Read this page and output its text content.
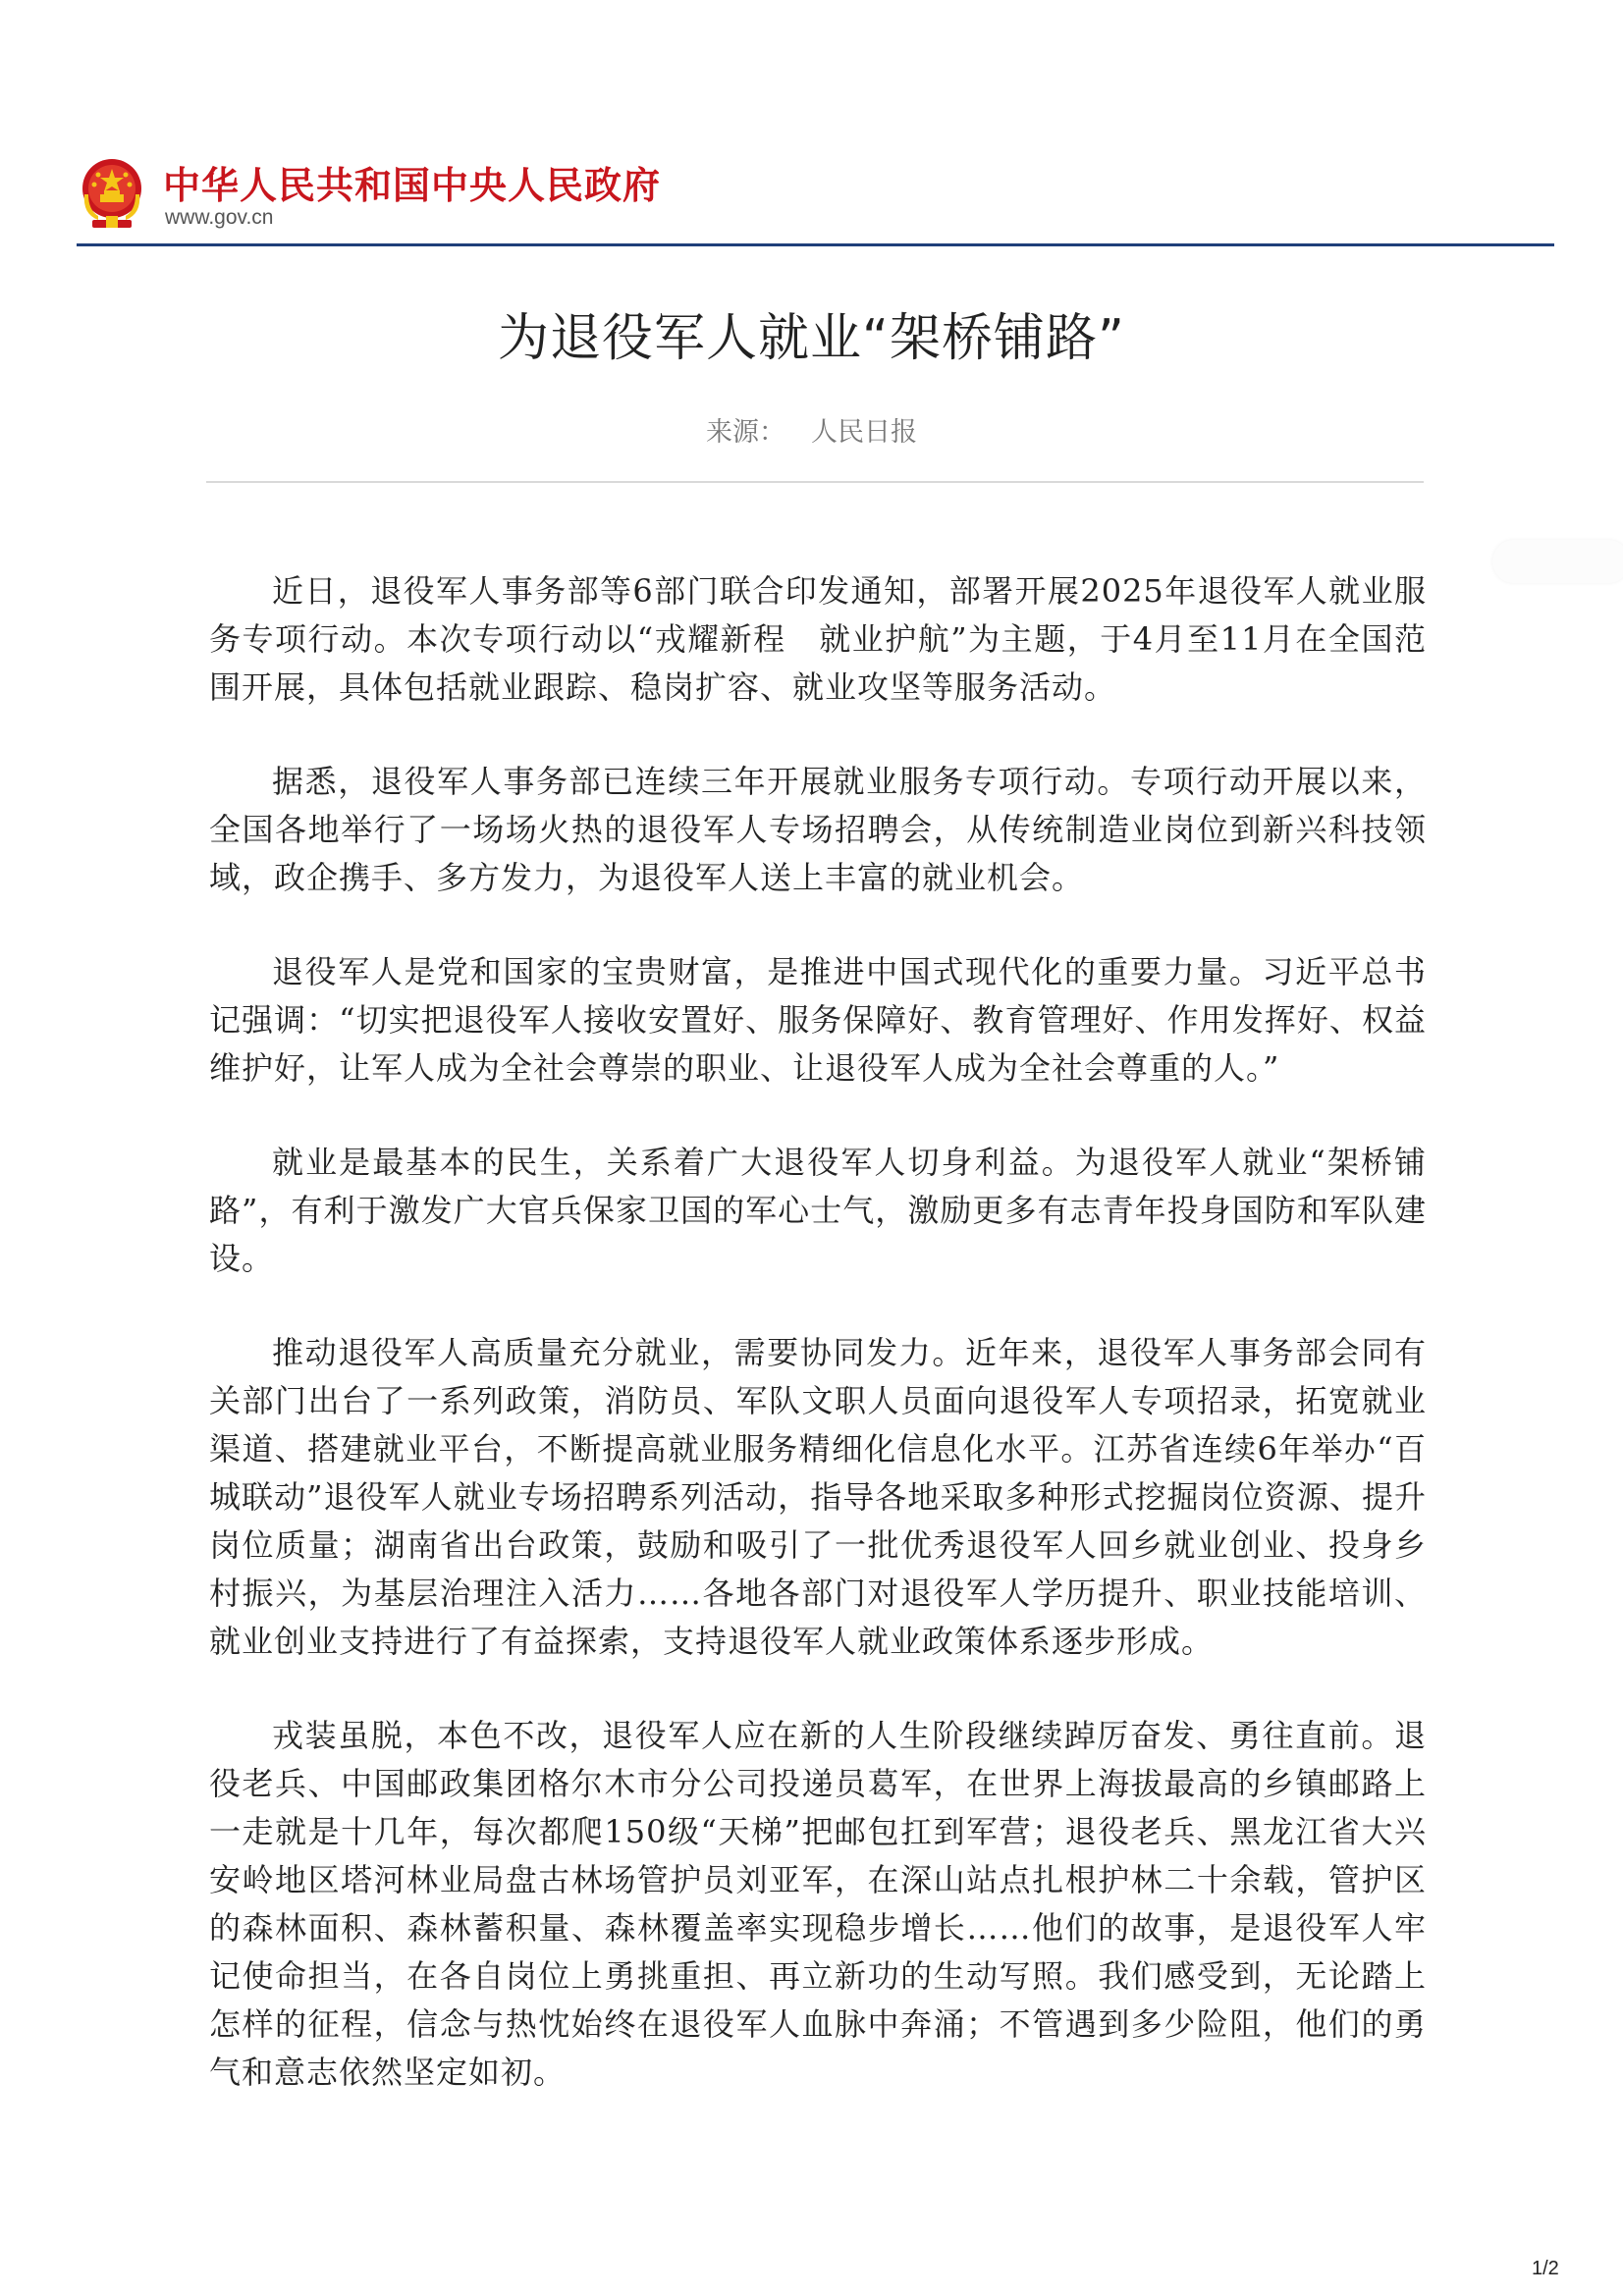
中华人民共和国中央人民政府
www.gov.cn
为退役军人就业“架桥铺路”
来源： 人民日报

近日，退役军人事务部等6部门联合印发通知，部署开展2025年退役军人就业服务专项行动。本次专项行动以“戎耀新程　就业护航”为主题，于4月至11月在全国范围开展，具体包括就业跟踪、稳岗扩容、就业攻坚等服务活动。

据悉，退役军人事务部已连续三年开展就业服务专项行动。专项行动开展以来，全国各地举行了一场场火热的退役军人专场招聘会，从传统制造业岗位到新兴科技领域，政企携手、多方发力，为退役军人送上丰富的就业机会。

退役军人是党和国家的宝贵财富，是推进中国式现代化的重要力量。习近平总书记强调：“切实把退役军人接收安置好、服务保障好、教育管理好、作用发挥好、权益维护好，让军人成为全社会尊崇的职业、让退役军人成为全社会尊重的人。”

就业是最基本的民生，关系着广大退役军人切身利益。为退役军人就业“架桥铺路”，有利于激发广大官兵保家卫国的军心士气，激励更多有志青年投身国防和军队建设。

推动退役军人高质量充分就业，需要协同发力。近年来，退役军人事务部会同有关部门出台了一系列政策，消防员、军队文职人员面向退役军人专项招录，拓宽就业渠道、搭建就业平台，不断提高就业服务精细化信息化水平。江苏省连续6年举办“百城联动”退役军人就业专场招聘系列活动，指导各地采取多种形式挖掘岗位资源、提升岗位质量；湖南省出台政策，鼓励和吸引了一批优秀退役军人回乡就业创业、投身乡村振兴，为基层治理注入活力……各地各部门对退役军人学历提升、职业技能培训、就业创业支持进行了有益探索，支持退役军人就业政策体系逐步形成。

戎装虽脱，本色不改，退役军人应在新的人生阶段继续踔厉奋发、勇往直前。退役老兵、中国邮政集团格尔木市分公司投递员葛军，在世界上海拔最高的乡镇邮路上一走就是十几年，每次都爬150级“天梯”把邮包扛到军营；退役老兵、黑龙江省大兴安岭地区塔河林业局盘古林场管护员刘亚军，在深山站点扎根护林二十余载，管护区的森林面积、森林蓄积量、森林覆盖率实现稳步增长……他们的故事，是退役军人牢记使命担当，在各自岗位上勇挑重担、再立新功的生动写照。我们感受到，无论踏上怎样的征程，信念与热忱始终在退役军人血脉中奔涌；不管遇到多少险阻，他们的勇气和意志依然坚定如初。

1/2
